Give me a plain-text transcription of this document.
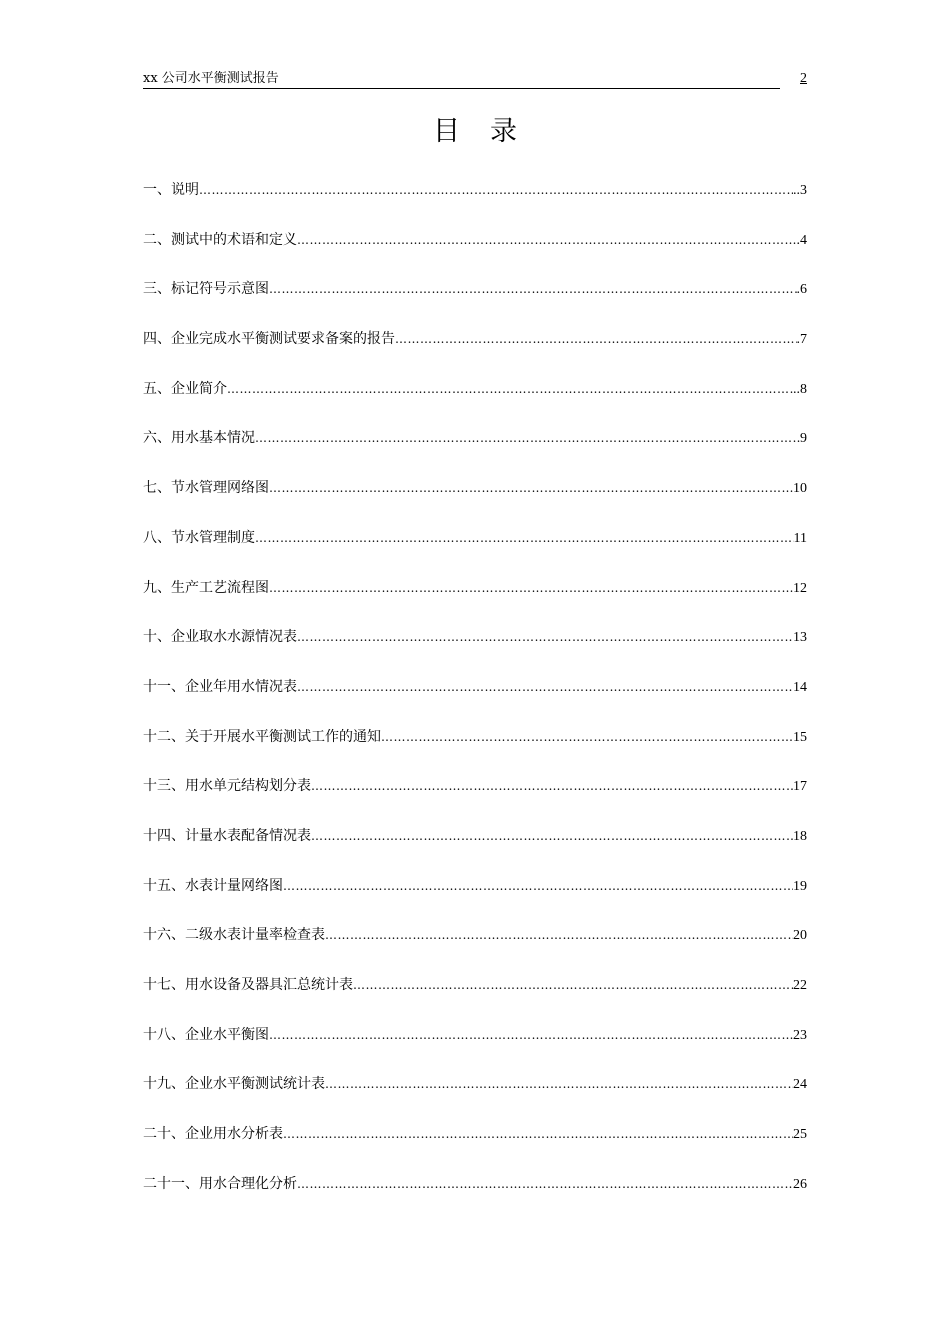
xx 公司水平衡测试报告	2
目录
一、说明 ………………………………………………………………………………………………………………………………………………………………………………………………………………………………	..3
二、测试中的术语和定义 ………………………………………………………………………………………………………………………………………………………………………………………………………………………………	.4
三、标记符号示意图 ………………………………………………………………………………………………………………………………………………………………………………………………………………………………	.6
四、企业完成水平衡测试要求备案的报告 ………………………………………………………………………………………………………………………………………………………………………………………………………………………………	.7
五、企业简介 ………………………………………………………………………………………………………………………………………………………………………………………………………………………………	..8
六、用水基本情况 ………………………………………………………………………………………………………………………………………………………………………………………………………………………………	9
七、节水管理网络图 ………………………………………………………………………………………………………………………………………………………………………………………………………………………………	10
八、节水管理制度 ………………………………………………………………………………………………………………………………………………………………………………………………………………………………	11
九、生产工艺流程图 ………………………………………………………………………………………………………………………………………………………………………………………………………………………………	12
十、企业取水水源情况表 ………………………………………………………………………………………………………………………………………………………………………………………………………………………………	13
十一、企业年用水情况表 ………………………………………………………………………………………………………………………………………………………………………………………………………………………………	14
十二、关于开展水平衡测试工作的通知 ………………………………………………………………………………………………………………………………………………………………………………………………………………………………	15
十三、用水单元结构划分表 ………………………………………………………………………………………………………………………………………………………………………………………………………………………………	17
十四、计量水表配备情况表 ………………………………………………………………………………………………………………………………………………………………………………………………………………………………	18
十五、水表计量网络图 ………………………………………………………………………………………………………………………………………………………………………………………………………………………………	19
十六、二级水表计量率检查表 ………………………………………………………………………………………………………………………………………………………………………………………………………………………………	20
十七、用水设备及器具汇总统计表 ………………………………………………………………………………………………………………………………………………………………………………………………………………………………	22
十八、企业水平衡图 ………………………………………………………………………………………………………………………………………………………………………………………………………………………………	23
十九、企业水平衡测试统计表 ………………………………………………………………………………………………………………………………………………………………………………………………………………………………	24
二十、企业用水分析表 ………………………………………………………………………………………………………………………………………………………………………………………………………………………………	25
二十一、用水合理化分析 ………………………………………………………………………………………………………………………………………………………………………………………………………………………………	26
